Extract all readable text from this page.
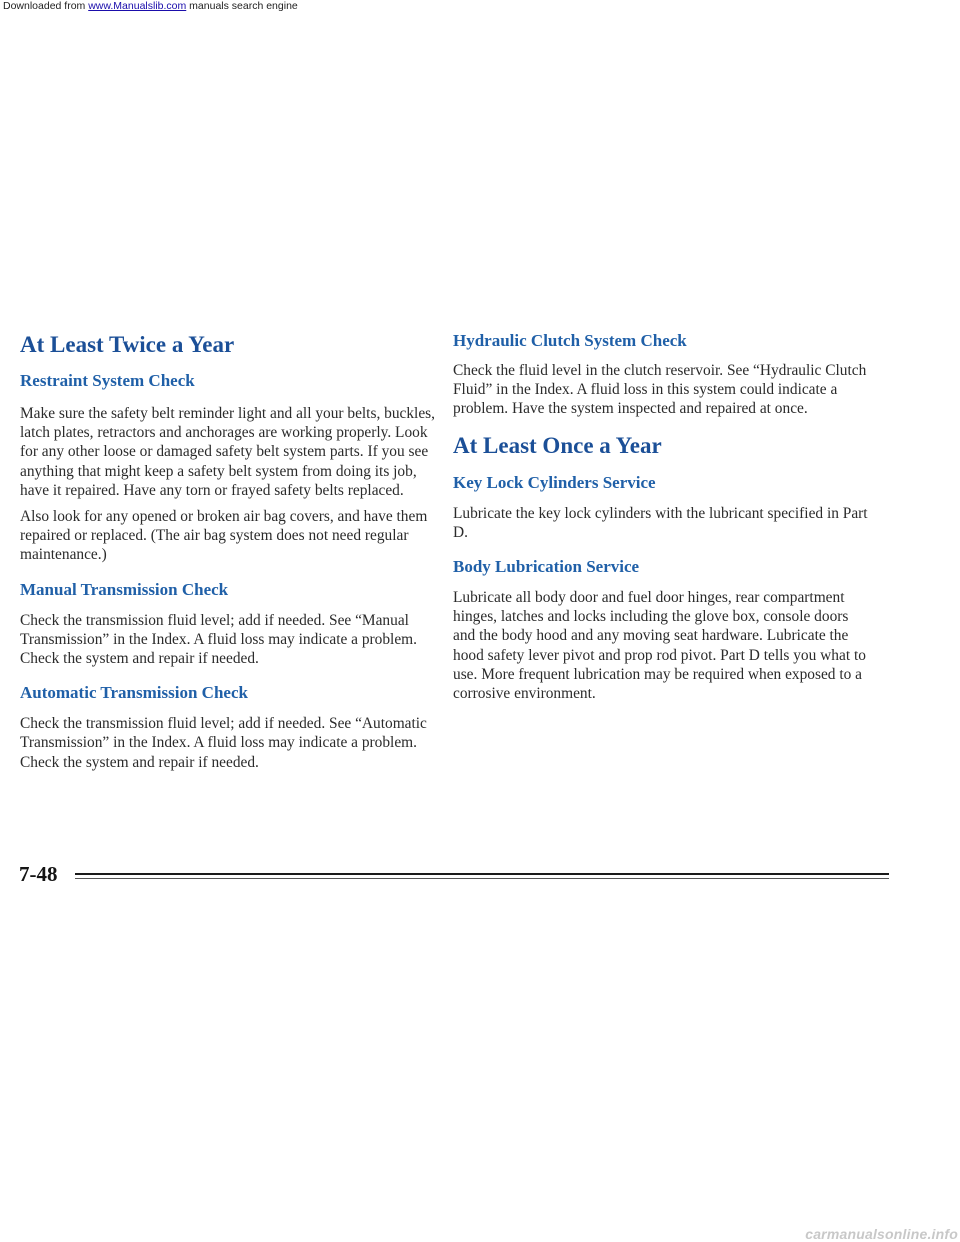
Downloaded from www.Manualslib.com manuals search engine
At Least Twice a Year
Restraint System Check

Make sure the safety belt reminder light and all your belts, buckles, latch plates, retractors and anchorages are working properly. Look for any other loose or damaged safety belt system parts. If you see anything that might keep a safety belt system from doing its job, have it repaired. Have any torn or frayed safety belts replaced.

Also look for any opened or broken air bag covers, and have them repaired or replaced. (The air bag system does not need regular maintenance.)

Manual Transmission Check

Check the transmission fluid level; add if needed. See “Manual Transmission” in the Index. A fluid loss may indicate a problem. Check the system and repair if needed.

Automatic Transmission Check

Check the transmission fluid level; add if needed. See “Automatic Transmission” in the Index. A fluid loss may indicate a problem. Check the system and repair if needed.

Hydraulic Clutch System Check

Check the fluid level in the clutch reservoir. See “Hydraulic Clutch Fluid” in the Index. A fluid loss in this system could indicate a problem. Have the system inspected and repaired at once.

At Least Once a Year
Key Lock Cylinders Service

Lubricate the key lock cylinders with the lubricant specified in Part D.

Body Lubrication Service

Lubricate all body door and fuel door hinges, rear compartment hinges, latches and locks including the glove box, console doors and the body hood and any moving seat hardware. Lubricate the hood safety lever pivot and prop rod pivot. Part D tells you what to use. More frequent lubrication may be required when exposed to a corrosive environment.

7-48
carmanualsonline.info
